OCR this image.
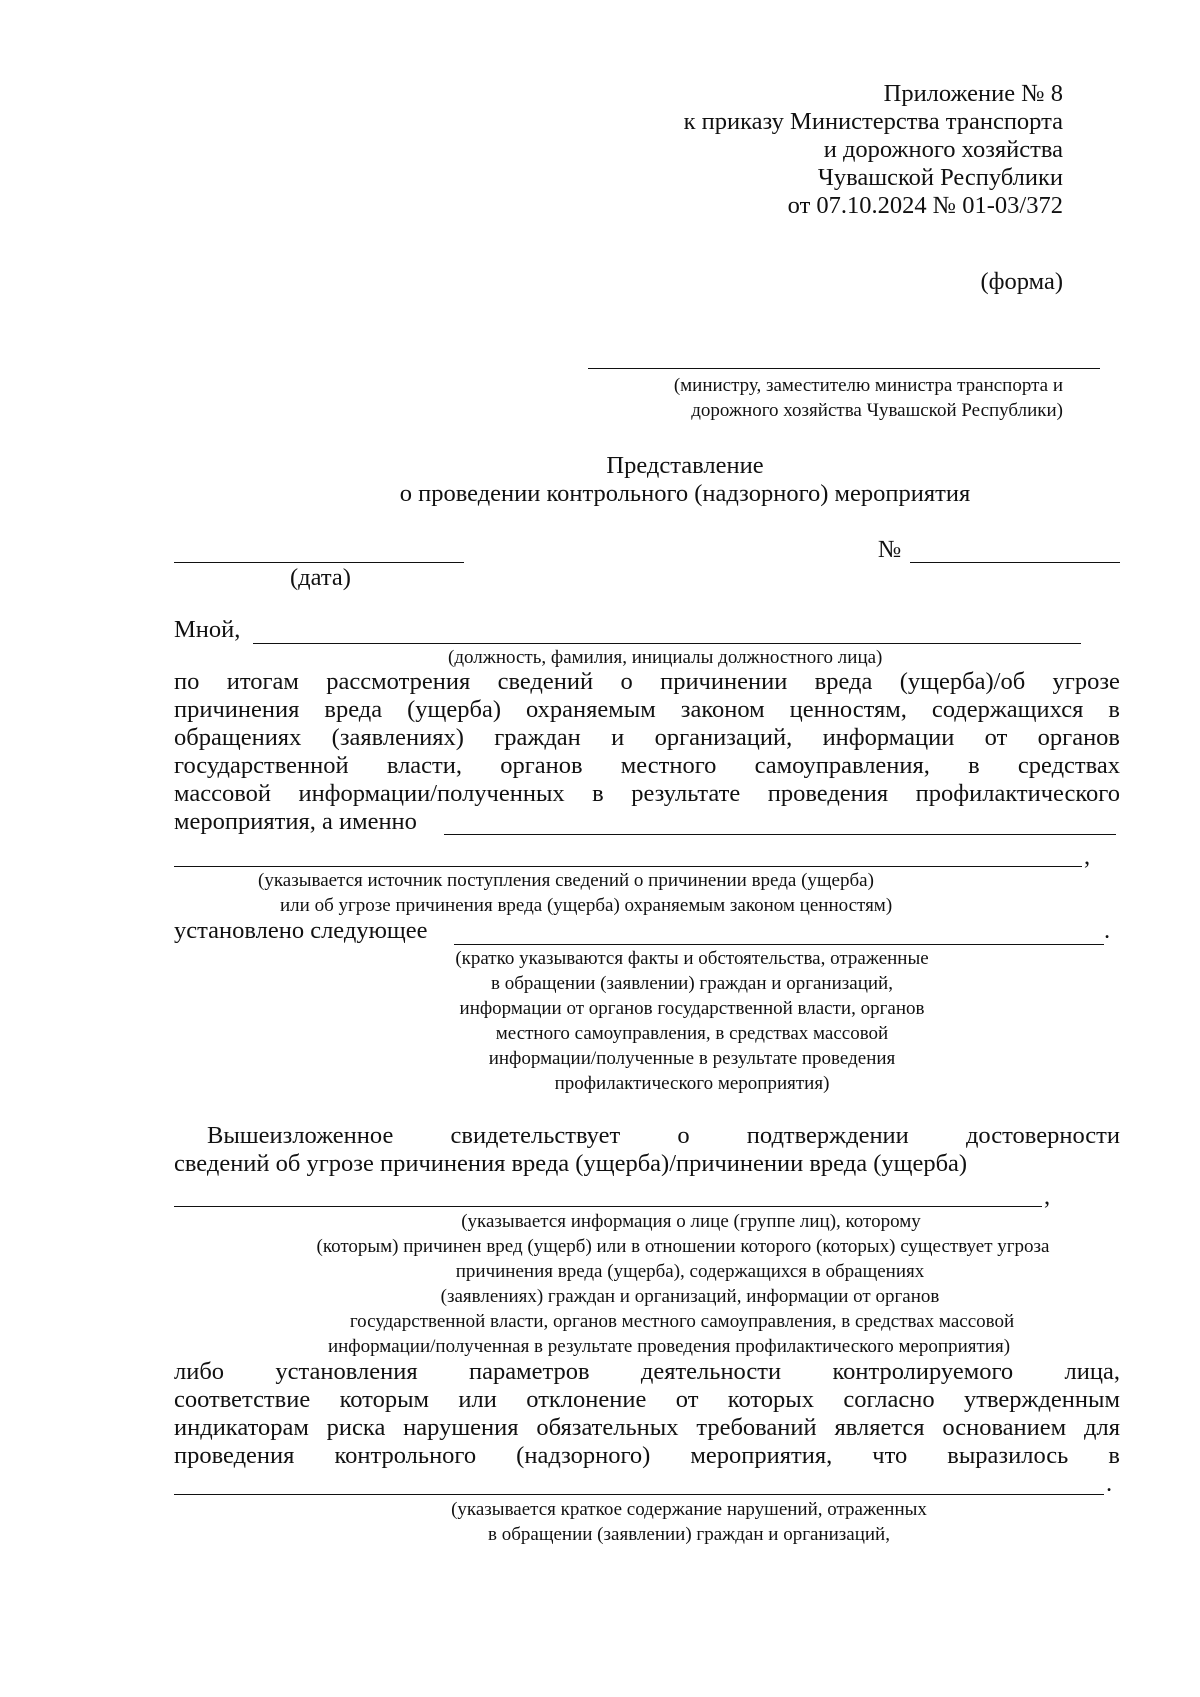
Приложение № 8
к приказу Министерства транспорта
и дорожного хозяйства
Чувашской Республики
от 07.10.2024 № 01-03/372
(форма)
(министру, заместителю министра транспорта и
дорожного хозяйства Чувашской Республики)
Представление
о проведении контрольного (надзорного) мероприятия
№
(дата)
Мной,
(должность, фамилия, инициалы должностного лица)
по итогам рассмотрения сведений о причинении вреда (ущерба)/об угрозе
причинения вреда (ущерба) охраняемым законом ценностям, содержащихся в
обращениях (заявлениях) граждан и организаций, информации от органов
государственной власти, органов местного самоуправления, в средствах
массовой информации/полученных в результате проведения профилактического
мероприятия, а именно
,
(указывается источник поступления сведений о причинении вреда (ущерба)
или об угрозе причинения вреда (ущерба) охраняемым законом ценностям)
установлено следующее	.
(кратко указываются факты и обстоятельства, отраженные
в обращении (заявлении) граждан и организаций,
информации от органов государственной власти, органов
местного самоуправления, в средствах массовой
информации/полученные в результате проведения
профилактического мероприятия)
Вышеизложенное свидетельствует о подтверждении достоверности
сведений об угрозе причинения вреда (ущерба)/причинении вреда (ущерба)
,
(указывается информация о лице (группе лиц), которому
(которым) причинен вред (ущерб) или в отношении которого (которых) существует угроза
причинения вреда (ущерба), содержащихся в обращениях
(заявлениях) граждан и организаций, информации от органов
государственной власти, органов местного самоуправления, в средствах массовой
информации/полученная в результате проведения профилактического мероприятия)
либо установления параметров деятельности контролируемого лица,
соответствие которым или отклонение от которых согласно утвержденным
индикаторам риска нарушения обязательных требований является основанием для
проведения контрольного (надзорного) мероприятия, что выразилось в
.
(указывается краткое содержание нарушений, отраженных
в обращении (заявлении) граждан и организаций,
